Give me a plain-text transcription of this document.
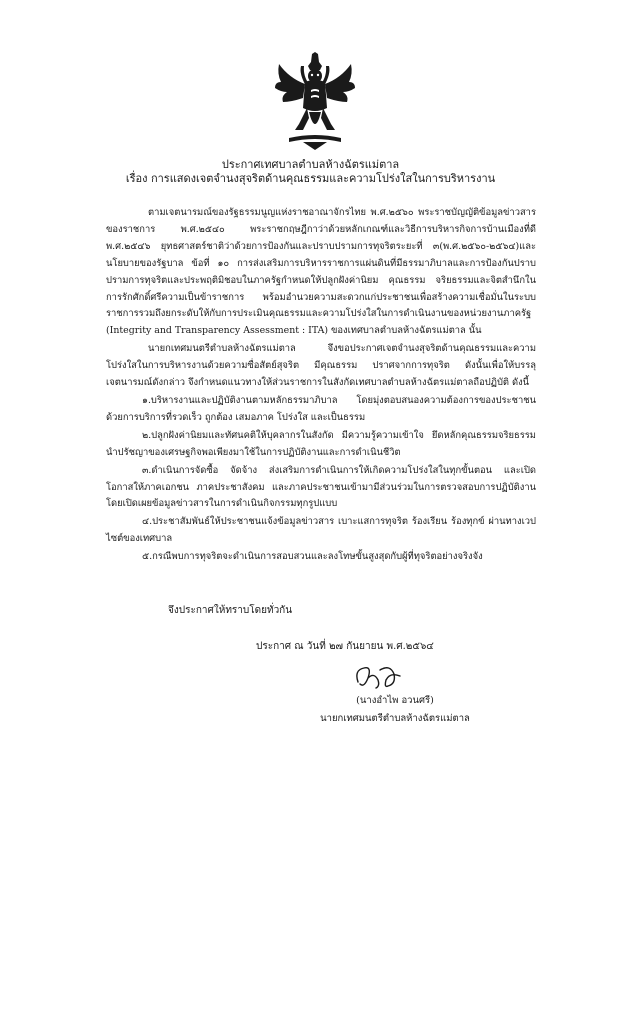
ประกาศเทศบาลตำบลห้างฉัตรแม่ตาล
เรื่อง การแสดงเจตจำนงสุจริตด้านคุณธรรมและความโปร่งใสในการบริหารงาน

ตามเจตนารมณ์ของรัฐธรรมนูญแห่งราชอาณาจักรไทย พ.ศ.๒๕๖๐ พระราชบัญญัติข้อมูลข่าวสารของราชการ พ.ศ.๒๕๔๐ พระราชกฤษฎีกาว่าด้วยหลักเกณฑ์และวิธีการบริหารกิจการบ้านเมืองที่ดี พ.ศ.๒๕๔๖ ยุทธศาสตร์ชาติว่าด้วยการป้องกันและปราบปรามการทุจริตระยะที่ ๓(พ.ศ.๒๕๖๐-๒๕๖๔)และนโยบายของรัฐบาล ข้อที่ ๑๐ การส่งเสริมการบริหารราชการแผ่นดินที่มีธรรมาภิบาลและการป้องกันปราบปรามการทุจริตและประพฤติมิชอบในภาครัฐกำหนดให้ปลูกฝังค่านิยม คุณธรรม จริยธรรมและจิตสำนึกในการรักศักดิ์ศรีความเป็นข้าราชการ พร้อมอำนวยความสะดวกแก่ประชาชนเพื่อสร้างความเชื่อมั่นในระบบราชการรวมถึงยกระดับให้กับการประเมินคุณธรรมและความโปร่งใสในการดำเนินงานของหน่วยงานภาครัฐ (Integrity and Transparency Assessment : ITA) ของเทศบาลตำบลห้างฉัตรแม่ตาล นั้น

นายกเทศมนตรีตำบลห้างฉัตรแม่ตาล จึงขอประกาศเจตจำนงสุจริตด้านคุณธรรมและความโปร่งใสในการบริหารงานด้วยความซื่อสัตย์สุจริต มีคุณธรรม ปราศจากการทุจริต ดังนั้นเพื่อให้บรรลุเจตนารมณ์ดังกล่าว จึงกำหนดแนวทางให้ส่วนราชการในสังกัดเทศบาลตำบลห้างฉัตรแม่ตาลถือปฏิบัติ ดังนี้

๑.บริหารงานและปฏิบัติงานตามหลักธรรมาภิบาล โดยมุ่งตอบสนองความต้องการของประชาชนด้วยการบริการที่รวดเร็ว ถูกต้อง เสมอภาค โปร่งใส และเป็นธรรม

๒.ปลูกฝังค่านิยมและทัศนคติให้บุคลากรในสังกัด มีความรู้ความเข้าใจ ยึดหลักคุณธรรมจริยธรรมนำปรัชญาของเศรษฐกิจพอเพียงมาใช้ในการปฏิบัติงานและการดำเนินชีวิต

๓.ดำเนินการจัดซื้อ จัดจ้าง ส่งเสริมการดำเนินการให้เกิดความโปร่งใสในทุกขั้นตอน และเปิดโอกาสให้ภาคเอกชน ภาคประชาสังคม และภาคประชาชนเข้ามามีส่วนร่วมในการตรวจสอบการปฏิบัติงานโดยเปิดเผยข้อมูลข่าวสารในการดำเนินกิจกรรมทุกรูปแบบ

๔.ประชาสัมพันธ์ให้ประชาชนแจ้งข้อมูลข่าวสาร เบาะแสการทุจริต ร้องเรียน ร้องทุกข์ ผ่านทางเวปไซต์ของเทศบาล

๕.กรณีพบการทุจริตจะดำเนินการสอบสวนและลงโทษขั้นสูงสุดกับผู้ที่ทุจริตอย่างจริงจัง

จึงประกาศให้ทราบโดยทั่วกัน
ประกาศ ณ วันที่ ๒๗ กันยายน พ.ศ.๒๕๖๔
(นางอำไพ อวนศรี)
นายกเทศมนตรีตำบลห้างฉัตรแม่ตาล
